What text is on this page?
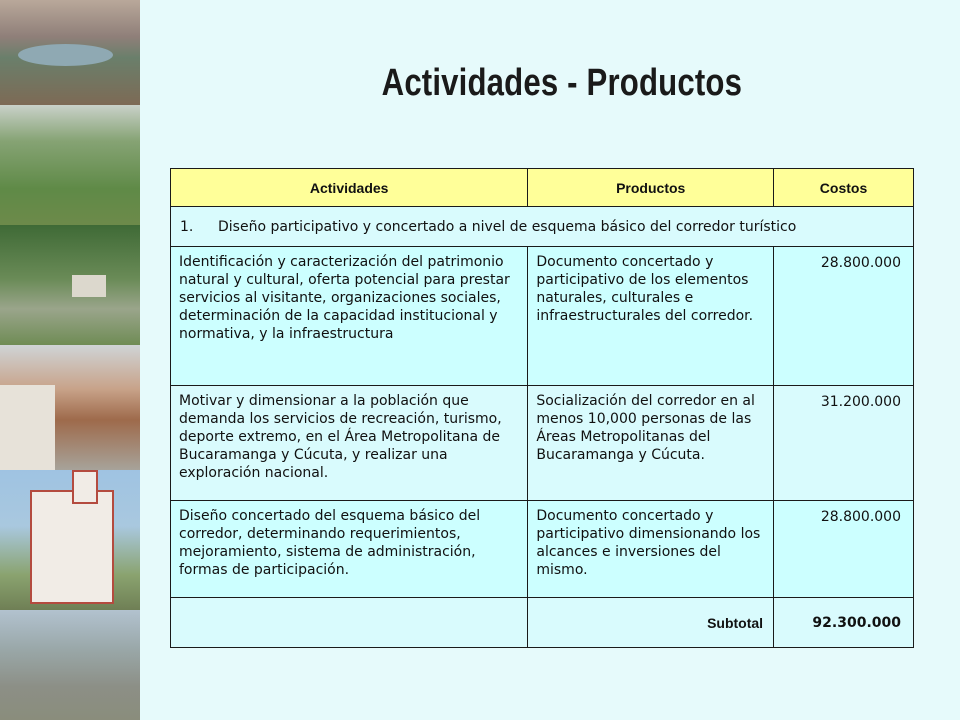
Actividades - Productos
Actividades	Productos	Costos
1. Diseño participativo y concertado a nivel de esquema básico del corredor turístico		
Identificación y caracterización del patrimonio natural y cultural, oferta potencial para prestar servicios al visitante, organizaciones sociales, determinación de la capacidad institucional y normativa, y la infraestructura	Documento concertado y participativo de los elementos naturales, culturales e infraestructurales del corredor.	28.800.000
Motivar y dimensionar a la población que demanda los servicios de recreación, turismo, deporte extremo, en el Área Metropolitana de Bucaramanga y Cúcuta, y realizar una exploración nacional.	Socialización del corredor en al menos 10,000 personas de las Áreas Metropolitanas del Bucaramanga y Cúcuta.	31.200.000
Diseño concertado del esquema básico del corredor, determinando requerimientos, mejoramiento, sistema de administración, formas de participación.	Documento concertado y participativo dimensionando los alcances e inversiones del mismo.	28.800.000
	Subtotal	92.300.000
